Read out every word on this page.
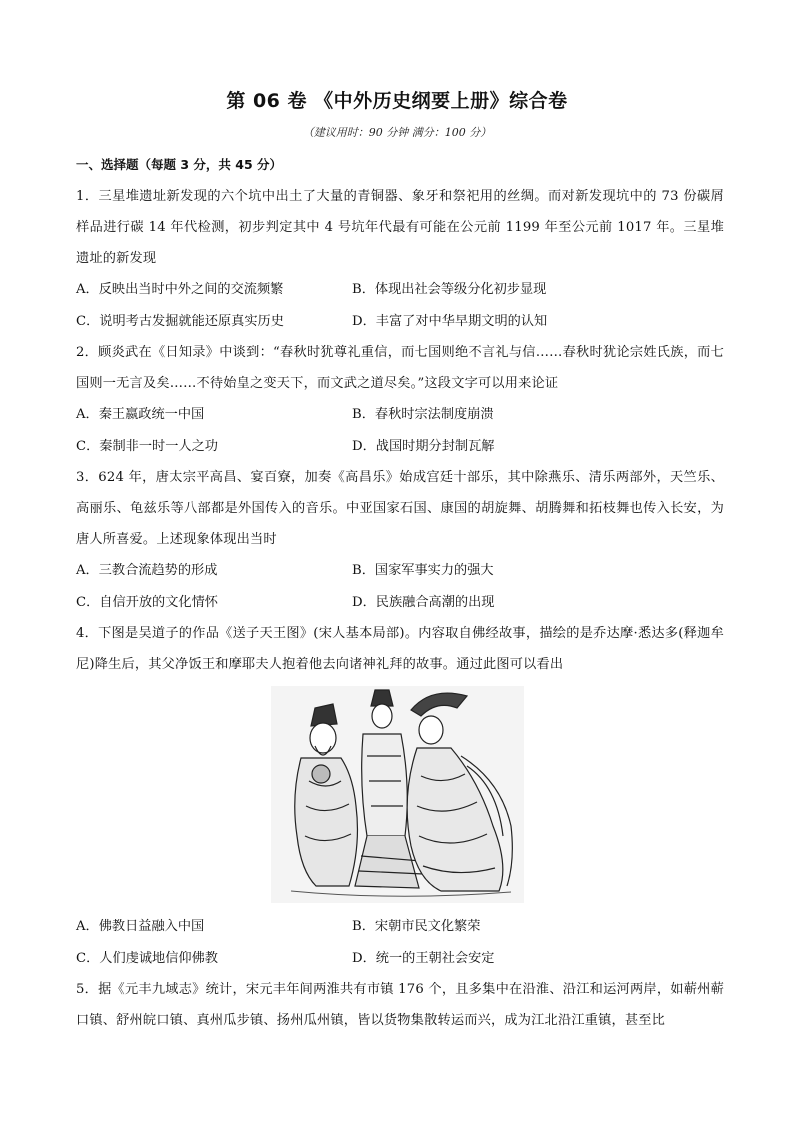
第 06 卷 《中外历史纲要上册》综合卷
（建议用时：90 分钟 满分：100 分）
一、选择题（每题 3 分，共 45 分）

1．三星堆遗址新发现的六个坑中出土了大量的青铜器、象牙和祭祀用的丝绸。而对新发现坑中的 73 份碳屑样品进行碳 14 年代检测，初步判定其中 4 号坑年代最有可能在公元前 1199 年至公元前 1017 年。三星堆遗址的新发现

A．反映出当时中外之间的交流频繁	B．体现出社会等级分化初步显现
C．说明考古发掘就能还原真实历史	D．丰富了对中华早期文明的认知

2．顾炎武在《日知录》中谈到：“春秋时犹尊礼重信，而七国则绝不言礼与信……春秋时犹论宗姓氏族，而七国则一无言及矣……不待始皇之变天下，而文武之道尽矣。”这段文字可以用来论证

A．秦王嬴政统一中国	B．春秋时宗法制度崩溃
C．秦制非一时一人之功	D．战国时期分封制瓦解

3．624 年，唐太宗平高昌、宴百寮，加奏《高昌乐》始成宫廷十部乐，其中除燕乐、清乐两部外，天竺乐、高丽乐、龟兹乐等八部都是外国传入的音乐。中亚国家石国、康国的胡旋舞、胡腾舞和拓枝舞也传入长安，为唐人所喜爱。上述现象体现出当时

A．三教合流趋势的形成	B．国家军事实力的强大
C．自信开放的文化情怀	D．民族融合高潮的出现

4．下图是吴道子的作品《送子天王图》(宋人基本局部)。内容取自佛经故事，描绘的是乔达摩·悉达多(释迦牟尼)降生后，其父净饭王和摩耶夫人抱着他去向诸神礼拜的故事。通过此图可以看出

A．佛教日益融入中国	B．宋朝市民文化繁荣
C．人们虔诚地信仰佛教	D．统一的王朝社会安定

5．据《元丰九域志》统计，宋元丰年间两淮共有市镇 176 个，且多集中在沿淮、沿江和运河两岸，如蕲州蕲口镇、舒州皖口镇、真州瓜步镇、扬州瓜州镇，皆以货物集散转运而兴，成为江北沿江重镇，甚至比
